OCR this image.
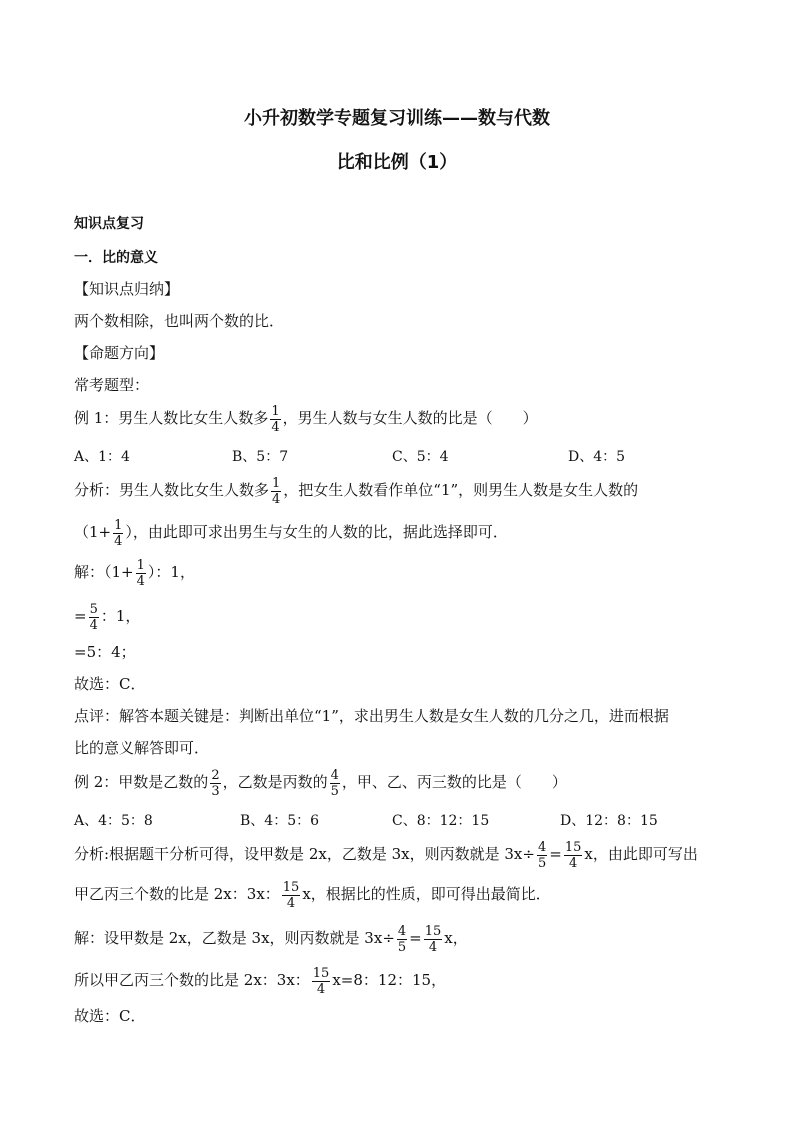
小升初数学专题复习训练——数与代数
比和比例（1）
知识点复习
一．比的意义
【知识点归纳】
两个数相除，也叫两个数的比．
【命题方向】
常考题型：
例 1：男生人数比女生人数多 $\frac{1}{4}$ ，男生人数与女生人数的比是（　　）
A、1：4	B、5：7	C、5：4	D、4：5
分析：男生人数比女生人数多 $\frac{1}{4}$ ，把女生人数看作单位“1”，则男生人数是女生人数的
（$1+ \frac{1}{4}$ ），由此即可求出男生与女生的人数的比，据此选择即可．
解：（$1+ \frac{1}{4}$ ）：1，
= $\frac{5}{4}$ ：1，
=5：4；
故选：C．
点评：解答本题关键是：判断出单位“1”，求出男生人数是女生人数的几分之几，进而根据
比的意义解答即可．
例 2：甲数是乙数的 $\frac{2}{3}$ ，乙数是丙数的 $\frac{4}{5}$ ，甲、乙、丙三数的比是（　　）
A、4：5：8	B、4：5：6	C、8：12：15	D、12：8：15
分析:根据题干分析可得，设甲数是 2x，乙数是 3x，则丙数就是 $3x\div \frac{4}{5} = \frac{15}{4}$ x，由此即可写出
甲乙丙三个数的比是 2x：3x： $\frac{15}{4}$ x，根据比的性质，即可得出最简比．
解：设甲数是 2x，乙数是 3x，则丙数就是 $3x\div \frac{4}{5} = \frac{15}{4}$ x，
所以甲乙丙三个数的比是 2x：3x： $\frac{15}{4} x=8$：12：15，
故选：C．
